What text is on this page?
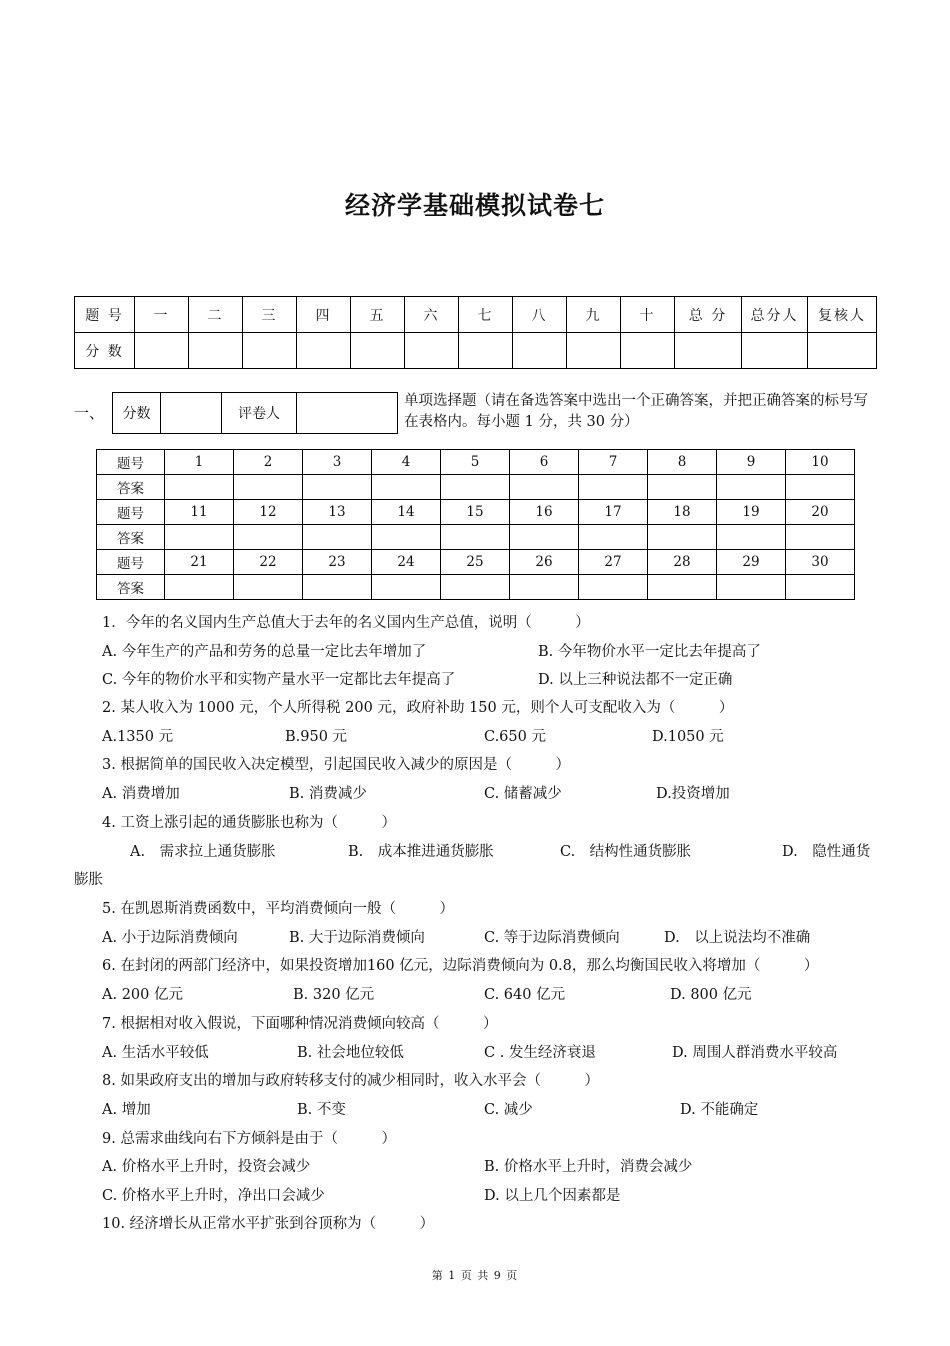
经济学基础模拟试卷七
题 号	一	二	三	四	五	六	七	八	九	十	总 分	总分人	复核人
分 数													
一、 分数		评卷人	
单项选择题（请在备选答案中选出一个正确答案，并把正确答案的标号写在表格内。每小题 1 分，共 30 分）
题号	1	2	3	4	5	6	7	8	9	10
答案										
题号	11	12	13	14	15	16	17	18	19	20
答案										
题号	21	22	23	24	25	26	27	28	29	30
答案										
1．今年的名义国内生产总值大于去年的名义国内生产总值，说明（　　　）
A. 今年生产的产品和劳务的总量一定比去年增加了	B. 今年物价水平一定比去年提高了
C. 今年的物价水平和实物产量水平一定都比去年提高了	D. 以上三种说法都不一定正确
2. 某人收入为 1000 元，个人所得税 200 元，政府补助 150 元，则个人可支配收入为（　　　）
A.1350 元	B.950 元	C.650 元	D.1050 元
3. 根据简单的国民收入决定模型，引起国民收入减少的原因是（　　　）
A. 消费增加	B. 消费减少	C. 储蓄减少	D.投资增加
4. 工资上涨引起的通货膨胀也称为（　　　）
A.　需求拉上通货膨胀	B.　成本推进通货膨胀	C.　结构性通货膨胀	D.　隐性通货
膨胀
5. 在凯恩斯消费函数中，平均消费倾向一般（　　　）
A. 小于边际消费倾向	B. 大于边际消费倾向	C. 等于边际消费倾向	D.　以上说法均不准确
6. 在封闭的两部门经济中，如果投资增加160 亿元，边际消费倾向为 0.8，那么均衡国民收入将增加（　　　）
A. 200 亿元	B. 320 亿元	C. 640 亿元	D. 800 亿元
7. 根据相对收入假说，下面哪种情况消费倾向较高（　　　）
A. 生活水平较低	B. 社会地位较低	C . 发生经济衰退	D. 周围人群消费水平较高
8. 如果政府支出的增加与政府转移支付的减少相同时，收入水平会（　　　）
A. 增加	B. 不变	C. 减少	D. 不能确定
9. 总需求曲线向右下方倾斜是由于（　　　）
A. 价格水平上升时，投资会减少	B. 价格水平上升时，消费会减少
C. 价格水平上升时，净出口会减少	D. 以上几个因素都是
10. 经济增长从正常水平扩张到谷顶称为（　　　）
第 1 页 共 9 页
